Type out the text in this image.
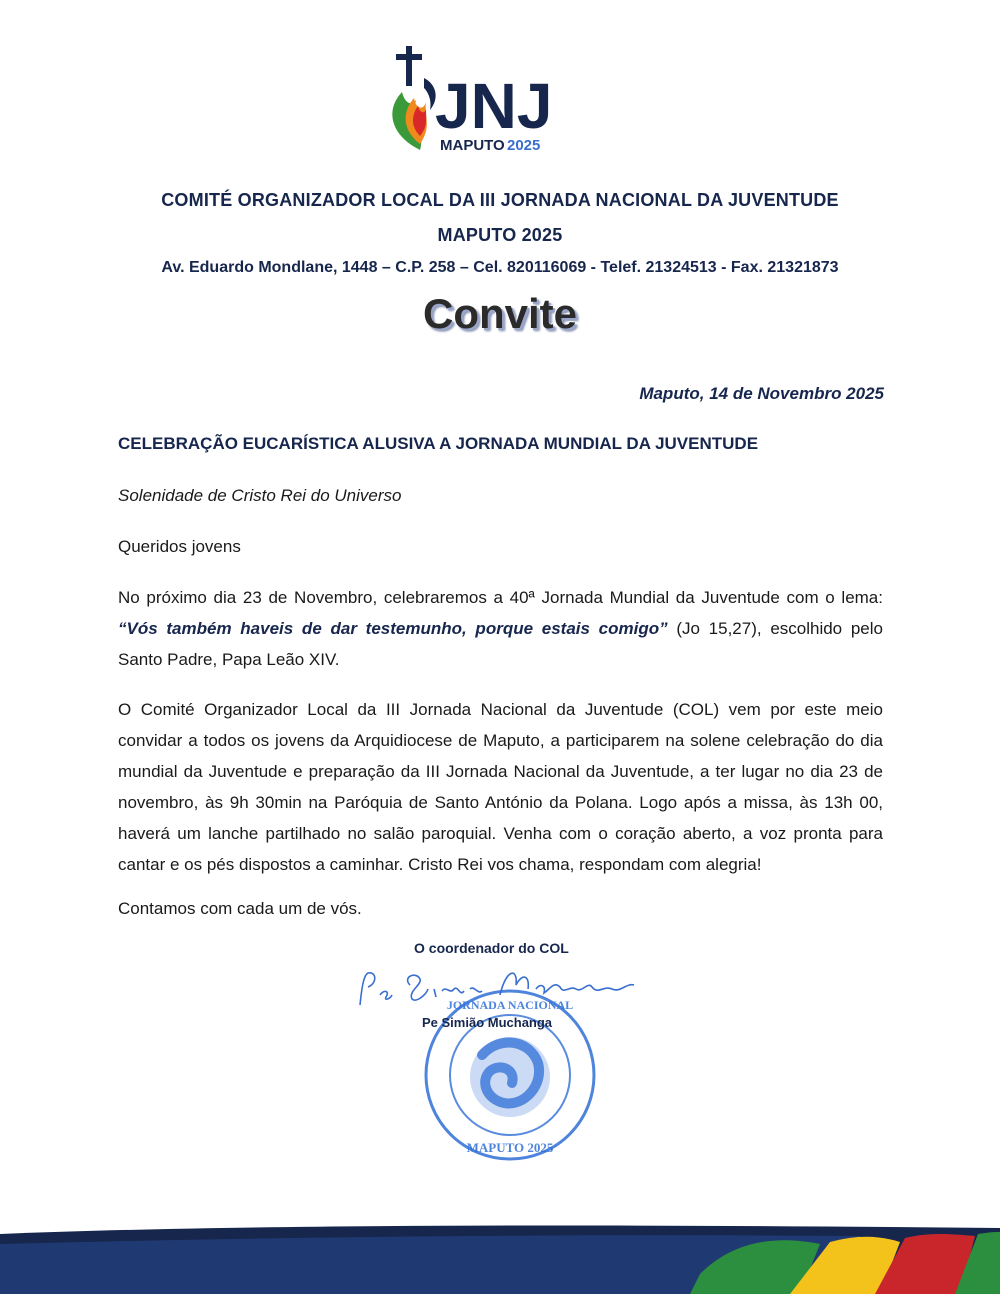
JNJ
MAPUTO 2025
COMITÉ ORGANIZADOR LOCAL DA III JORNADA NACIONAL DA JUVENTUDE
MAPUTO 2025
Av. Eduardo Mondlane, 1448 – C.P. 258 – Cel. 820116069 - Telef. 21324513 - Fax. 21321873
Convite
Maputo, 14 de Novembro 2025
CELEBRAÇÃO EUCARÍSTICA ALUSIVA A JORNADA MUNDIAL DA JUVENTUDE
Solenidade de Cristo Rei do Universo
Queridos jovens
No próximo dia 23 de Novembro, celebraremos a 40ª Jornada Mundial da Juventude com o lema: “Vós também haveis de dar testemunho, porque estais comigo” (Jo 15,27), escolhido pelo Santo Padre, Papa Leão XIV.
O Comité Organizador Local da III Jornada Nacional da Juventude (COL) vem por este meio convidar a todos os jovens da Arquidiocese de Maputo, a participarem na solene celebração do dia mundial da Juventude e preparação da III Jornada Nacional da Juventude, a ter lugar no dia 23 de novembro, às 9h 30min na Paróquia de Santo António da Polana. Logo após a missa, às 13h 00, haverá um lanche partilhado no salão paroquial. Venha com o coração aberto, a voz pronta para cantar e os pés dispostos a caminhar. Cristo Rei vos chama, respondam com alegria!
Contamos com cada um de vós.
O coordenador do COL
MAPUTO 2025
JORNADA NACIONAL
Pe Simião Muchanga
